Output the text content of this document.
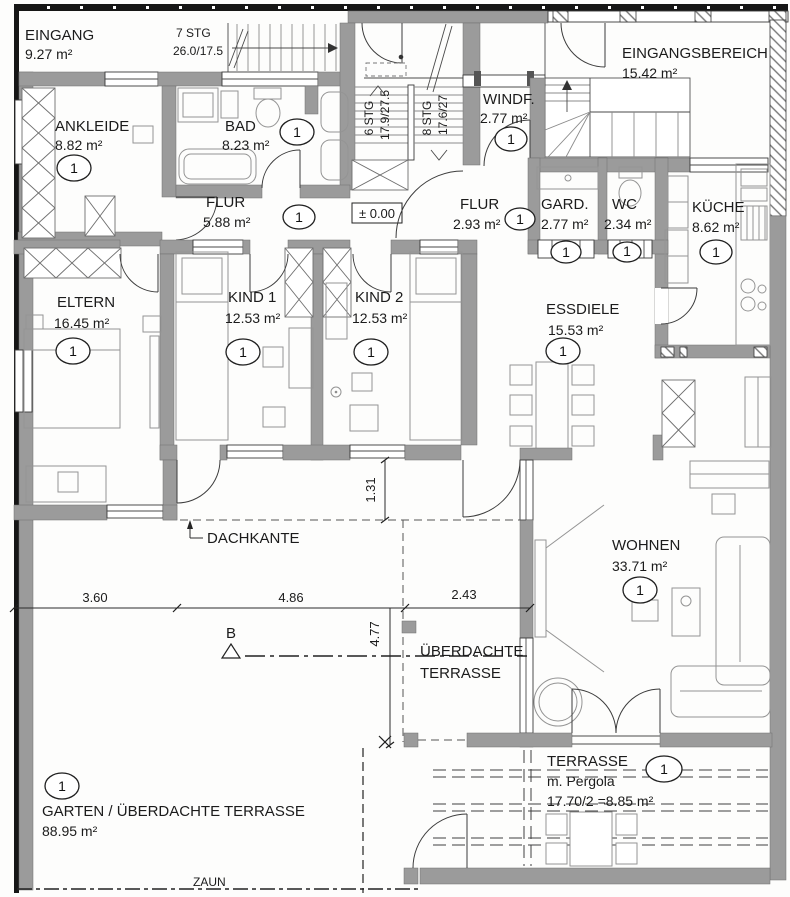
7 STG
26.0/17.5
EINGANG
9.27 m²
6 STG 17.9/27.5 8 STG 17.6/27
EINGANGSBEREICH
15.42 m²
ANKLEIDE
8.82 m²
BAD
8.23 m²
FLUR
5.88 m²
± 0.00
WINDF.
2.77 m²
FLUR
2.93 m²
GARD.
2.77 m²
WC
2.34 m²
KÜCHE
8.62 m²
ELTERN
16.45 m²
KIND 1
12.53 m²
KIND 2
12.53 m²	ESSDIELE
15.53 m²
WOHNEN
33.71 m²
DACHKANTE
3.60	4.86	2.43
1.31
4.77
B
ÜBERDACHTE
TERRASSE
TERRASSE
m. Pergola
17.70/2 =8.85 m²
GARTEN / ÜBERDACHTE TERRASSE
88.95 m²
ZAUN
1
1
1
1
1
1	1	1
1	1	1	1
1
1
1
